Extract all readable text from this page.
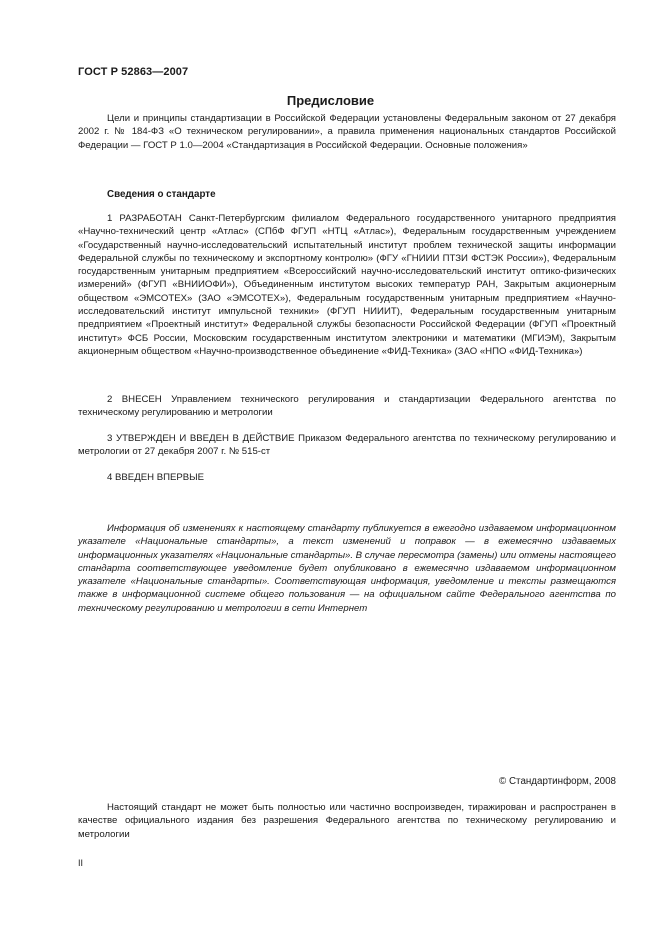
ГОСТ Р 52863—2007
Предисловие

Цели и принципы стандартизации в Российской Федерации установлены Федеральным законом от 27 декабря 2002 г. № 184-ФЗ «О техническом регулировании», а правила применения национальных стандартов Российской Федерации — ГОСТ Р 1.0—2004 «Стандартизация в Российской Федерации. Основные положения»

Сведения о стандарте

1 РАЗРАБОТАН Санкт-Петербургским филиалом Федерального государственного унитарного предприятия «Научно-технический центр «Атлас» (СПбФ ФГУП «НТЦ «Атлас»), Федеральным государственным учреждением «Государственный научно-исследовательский испытательный институт проблем технической защиты информации Федеральной службы по техническому и экспортному контролю» (ФГУ «ГНИИИ ПТЗИ ФСТЭК России»), Федеральным государственным унитарным предприятием «Всероссийский научно-исследовательский институт оптико-физических измерений» (ФГУП «ВНИИОФИ»), Объединенным институтом высоких температур РАН, Закрытым акционерным обществом «ЭМСОТЕХ» (ЗАО «ЭМСОТЕХ»), Федеральным государственным унитарным предприятием «Научно-исследовательский институт импульсной техники» (ФГУП НИИИТ), Федеральным государственным унитарным предприятием «Проектный институт» Федеральной службы безопасности Российской Федерации (ФГУП «Проектный институт» ФСБ России, Московским государственным институтом электроники и математики (МГИЭМ), Закрытым акционерным обществом «Научно-производственное объединение «ФИД-Техника» (ЗАО «НПО «ФИД-Техника»)

2 ВНЕСЕН Управлением технического регулирования и стандартизации Федерального агентства по техническому регулированию и метрологии

3 УТВЕРЖДЕН И ВВЕДЕН В ДЕЙСТВИЕ Приказом Федерального агентства по техническому регулированию и метрологии от 27 декабря 2007 г. № 515-ст

4 ВВЕДЕН ВПЕРВЫЕ

Информация об изменениях к настоящему стандарту публикуется в ежегодно издаваемом информационном указателе «Национальные стандарты», а текст изменений и поправок — в ежемесячно издаваемых информационных указателях «Национальные стандарты». В случае пересмотра (замены) или отмены настоящего стандарта соответствующее уведомление будет опубликовано в ежемесячно издаваемом информационном указателе «Национальные стандарты». Соответствующая информация, уведомление и тексты размещаются также в информационной системе общего пользования — на официальном сайте Федерального агентства по техническому регулированию и метрологии в сети Интернет

© Стандартинформ, 2008

Настоящий стандарт не может быть полностью или частично воспроизведен, тиражирован и распространен в качестве официального издания без разрешения Федерального агентства по техническому регулированию и метрологии

II
